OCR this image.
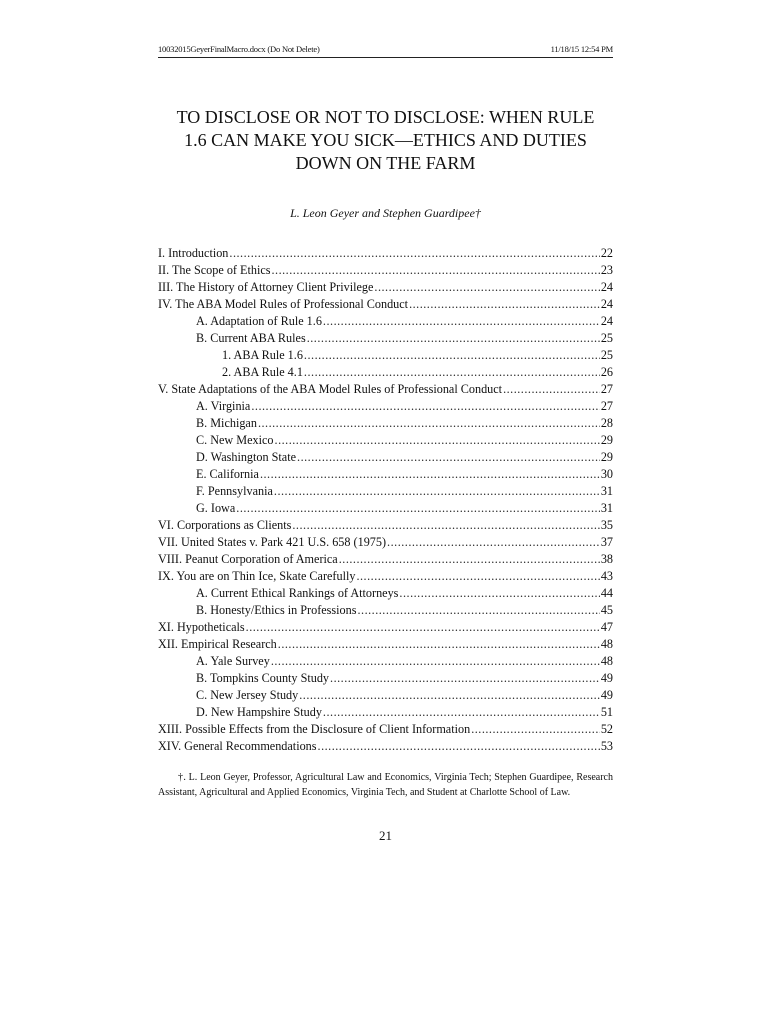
10032015GeyerFinalMacro.docx (Do Not Delete)	11/18/15 12:54 PM
TO DISCLOSE OR NOT TO DISCLOSE: WHEN RULE
1.6 CAN MAKE YOU SICK—ETHICS AND DUTIES
DOWN ON THE FARM
L. Leon Geyer and Stephen Guardipee†
I. Introduction .....	22
II. The Scope of Ethics .....	23
III. The History of Attorney Client Privilege .....	24
IV. The ABA Model Rules of Professional Conduct .....	24
A. Adaptation of Rule 1.6 .....	24
B. Current ABA Rules .....	25
1. ABA Rule 1.6 .....	25
2. ABA Rule 4.1 .....	26
V. State Adaptations of the ABA Model Rules of Professional Conduct .....	27
A. Virginia .....	27
B. Michigan .....	28
C. New Mexico .....	29
D. Washington State .....	29
E. California .....	30
F. Pennsylvania .....	31
G. Iowa .....	31
VI. Corporations as Clients .....	35
VII. United States v. Park 421 U.S. 658 (1975) .....	37
VIII. Peanut Corporation of America .....	38
IX. You are on Thin Ice, Skate Carefully .....	43
A. Current Ethical Rankings of Attorneys .....	44
B. Honesty/Ethics in Professions .....	45
XI. Hypotheticals .....	47
XII. Empirical Research .....	48
A. Yale Survey .....	48
B. Tompkins County Study .....	49
C. New Jersey Study .....	49
D. New Hampshire Study .....	51
XIII. Possible Effects from the Disclosure of Client Information .....	52
XIV. General Recommendations .....	53
†. L. Leon Geyer, Professor, Agricultural Law and Economics, Virginia Tech; Stephen Guardipee, Research Assistant, Agricultural and Applied Economics, Virginia Tech, and Student at Charlotte School of Law.
21
